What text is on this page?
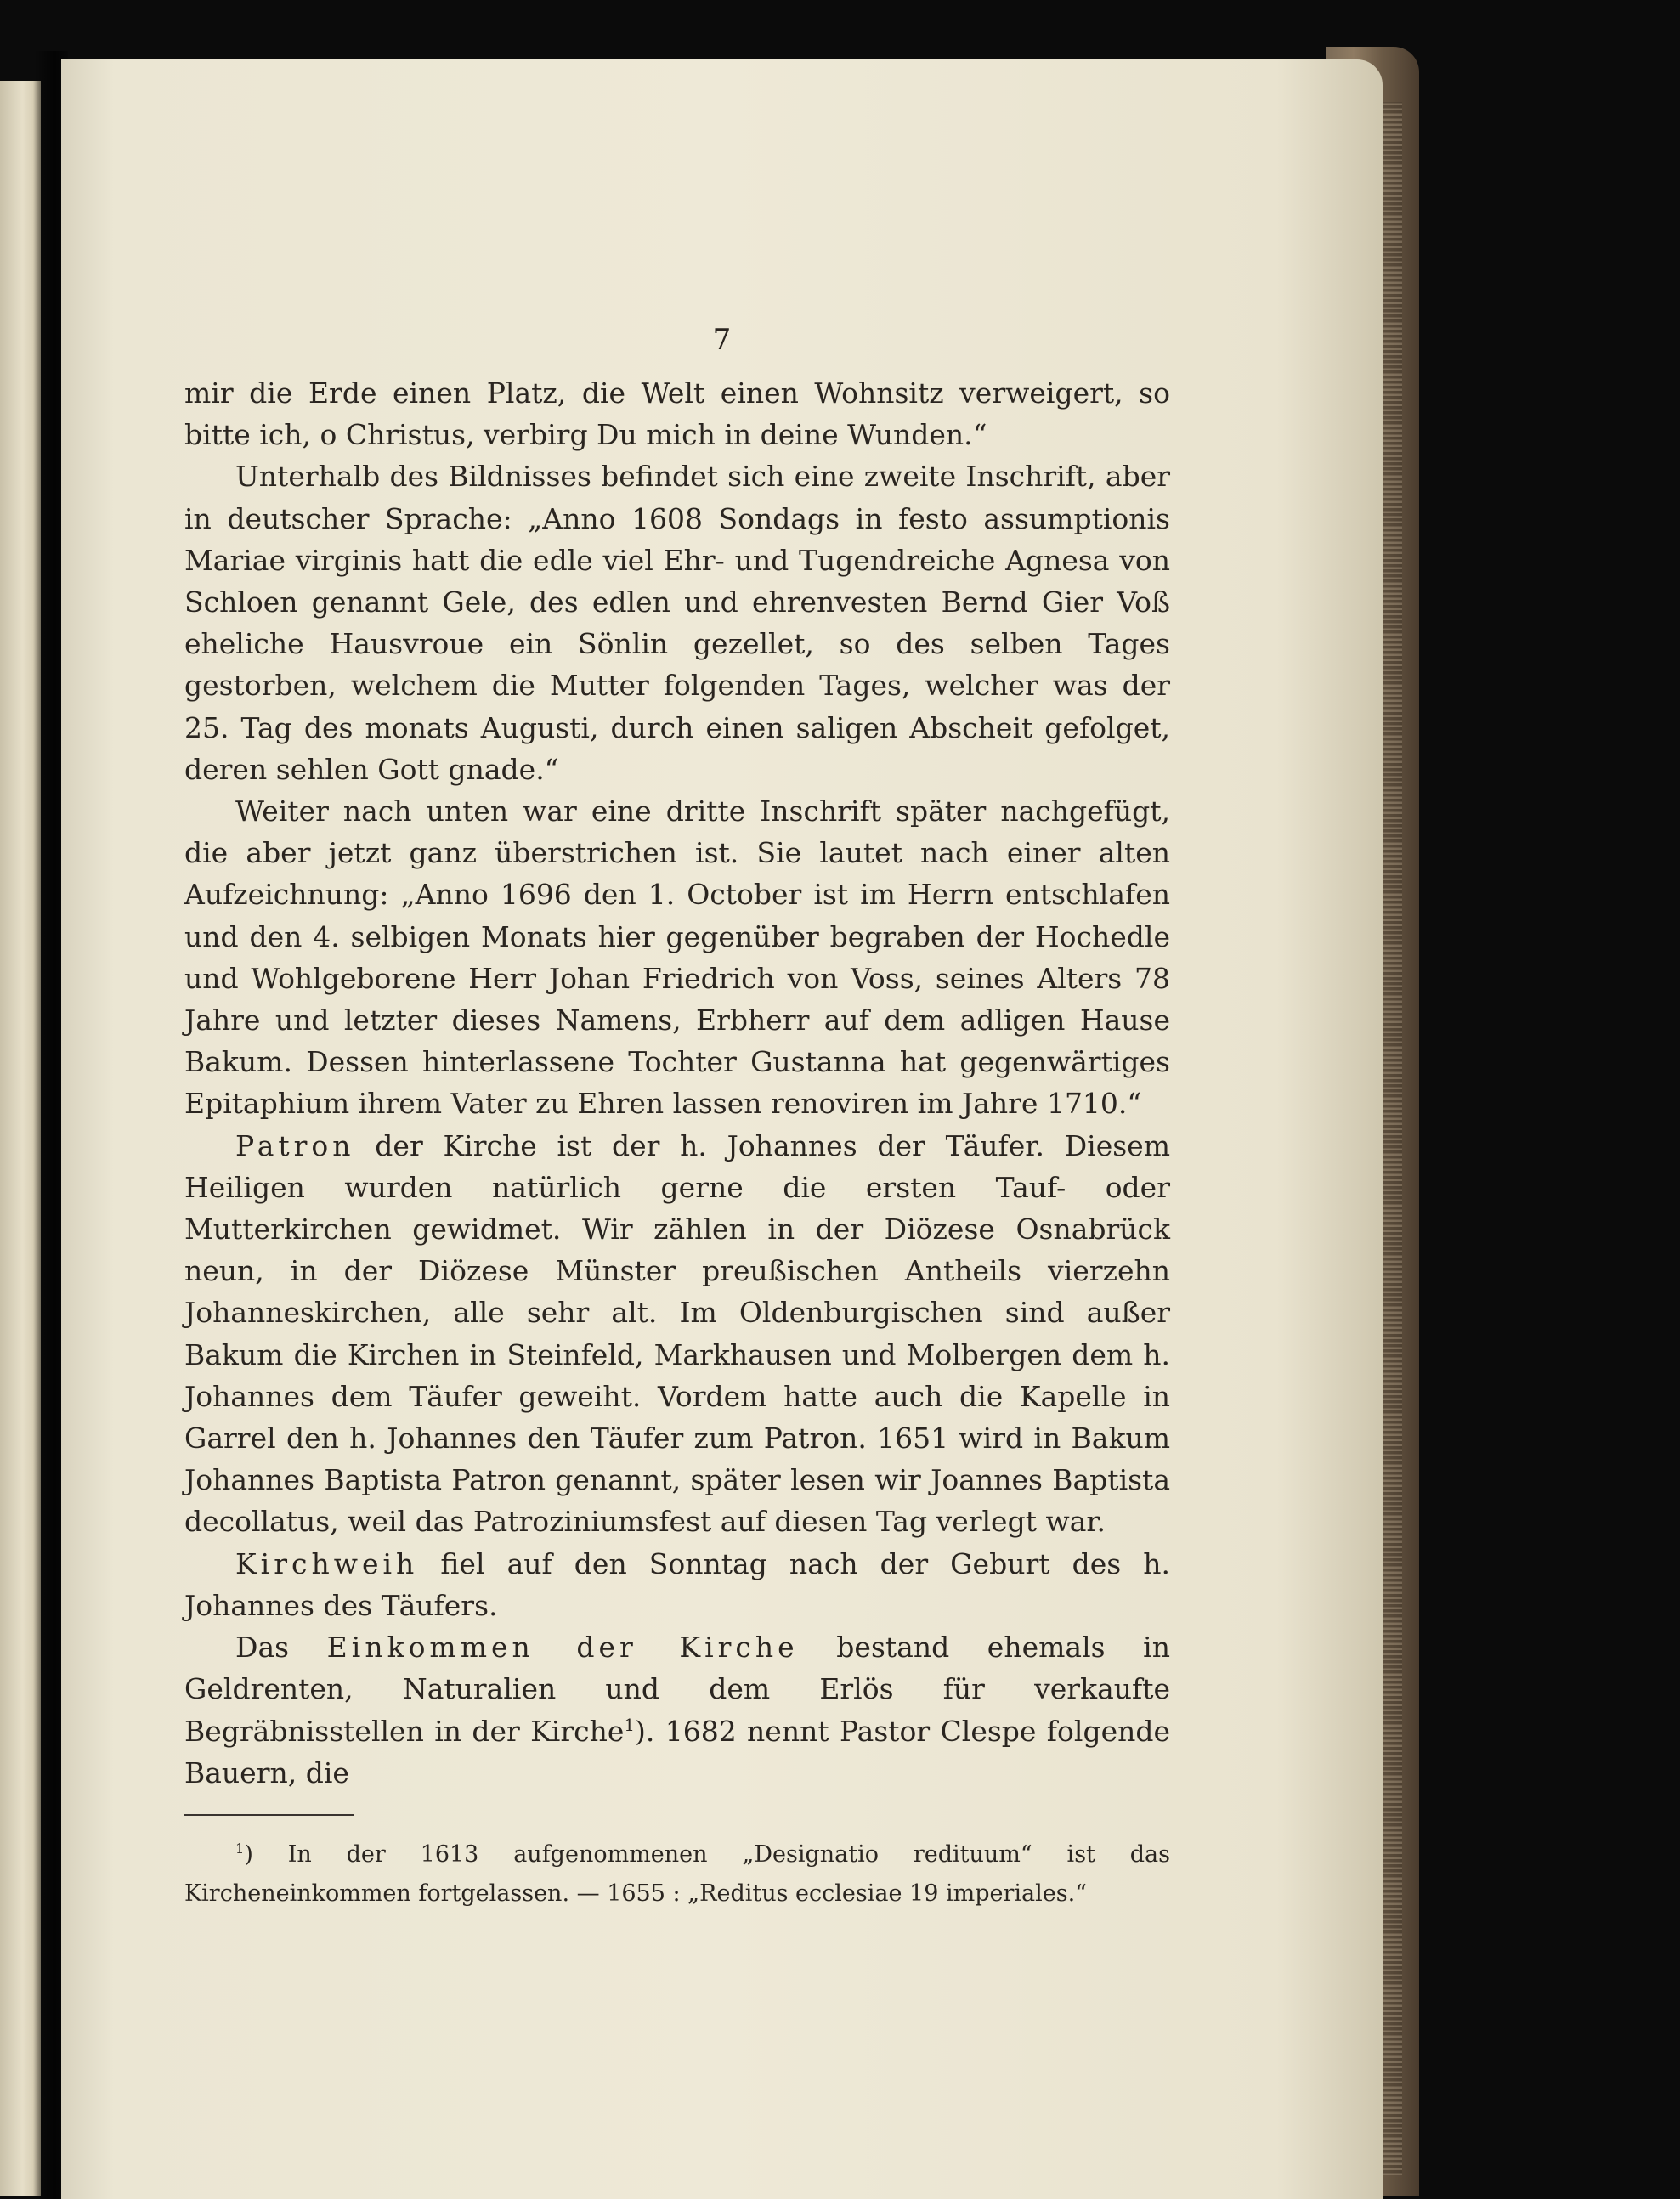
7

mir die Erde einen Platz, die Welt einen Wohnsitz verweigert, so bitte ich, o Christus, verbirg Du mich in deine Wunden.“

Unterhalb des Bildnisses befindet sich eine zweite Inschrift, aber in deutscher Sprache: „Anno 1608 Sondags in festo assumptionis Mariae virginis hatt die edle viel Ehr- und Tugendreiche Agnesa von Schloen genannt Gele, des edlen und ehrenvesten Bernd Gier Voß eheliche Hausvroue ein Sönlin gezellet, so des selben Tages gestorben, welchem die Mutter folgenden Tages, welcher was der 25. Tag des monats Augusti, durch einen saligen Abscheit gefolget, deren sehlen Gott gnade.“

Weiter nach unten war eine dritte Inschrift später nachgefügt, die aber jetzt ganz überstrichen ist. Sie lautet nach einer alten Aufzeichnung: „Anno 1696 den 1. October ist im Herrn entschlafen und den 4. selbigen Monats hier gegenüber begraben der Hochedle und Wohlgeborene Herr Johan Friedrich von Voss, seines Alters 78 Jahre und letzter dieses Namens, Erbherr auf dem adligen Hause Bakum. Dessen hinterlassene Tochter Gustanna hat gegenwärtiges Epitaphium ihrem Vater zu Ehren lassen renoviren im Jahre 1710.“

Patron der Kirche ist der h. Johannes der Täufer. Diesem Heiligen wurden natürlich gerne die ersten Tauf- oder Mutterkirchen gewidmet. Wir zählen in der Diözese Osnabrück neun, in der Diözese Münster preußischen Antheils vierzehn Johanneskirchen, alle sehr alt. Im Oldenburgischen sind außer Bakum die Kirchen in Steinfeld, Markhausen und Molbergen dem h. Johannes dem Täufer geweiht. Vordem hatte auch die Kapelle in Garrel den h. Johannes den Täufer zum Patron. 1651 wird in Bakum Johannes Baptista Patron genannt, später lesen wir Joannes Baptista decollatus, weil das Patroziniumsfest auf diesen Tag verlegt war.

Kirchweih fiel auf den Sonntag nach der Geburt des h. Johannes des Täufers.

Das Einkommen der Kirche bestand ehemals in Geldrenten, Naturalien und dem Erlös für verkaufte Begräbnisstellen in der Kirche$^1$). 1682 nennt Pastor Clespe folgende Bauern, die

$^1$) In der 1613 aufgenommenen „Designatio redituum“ ist das Kircheneinkommen fortgelassen. — 1655 : „Reditus ecclesiae 19 imperiales.“
